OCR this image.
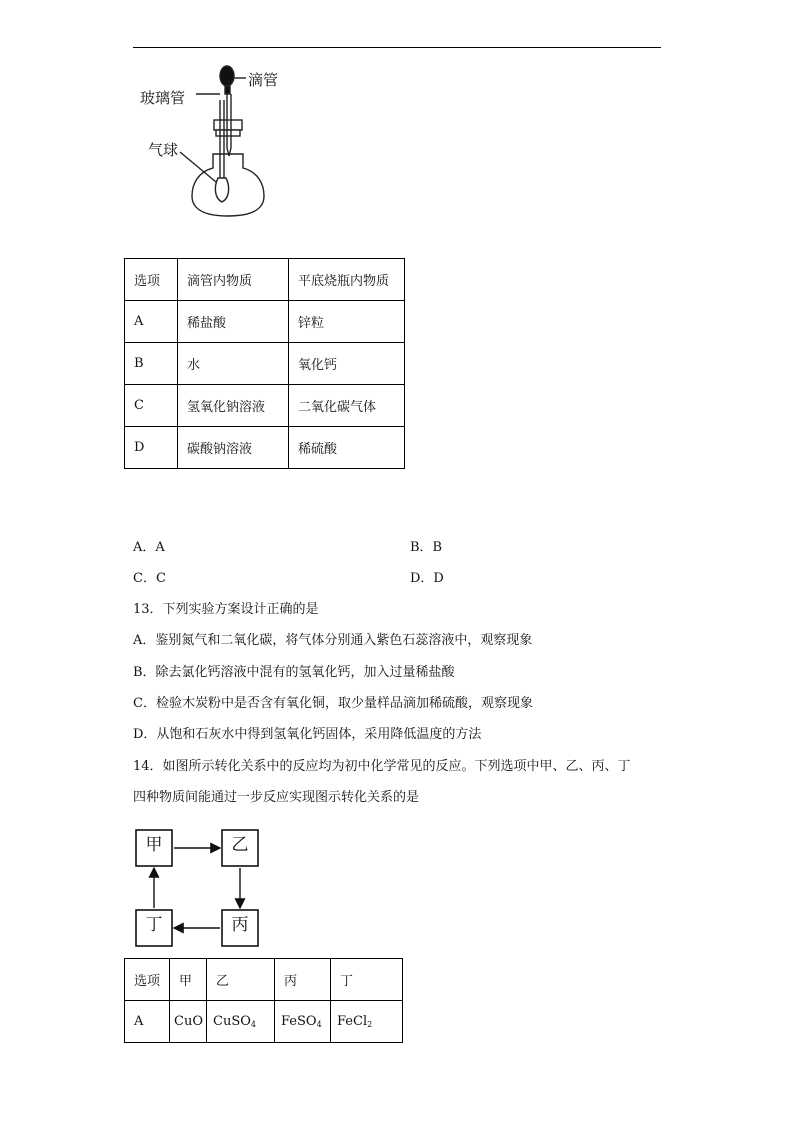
滴管
玻璃管
气球
选项	滴管内物质	平底烧瓶内物质
A	稀盐酸	锌粒
B	水	氧化钙
C	氢氧化钠溶液	二氧化碳气体
D	碳酸钠溶液	稀硫酸
A．A	B．B
C．C	D．D
13．下列实验方案设计正确的是
A．鉴别氮气和二氧化碳，将气体分别通入紫色石蕊溶液中，观察现象
B．除去氯化钙溶液中混有的氢氧化钙，加入过量稀盐酸
C．检验木炭粉中是否含有氧化铜，取少量样品滴加稀硫酸，观察现象
D．从饱和石灰水中得到氢氧化钙固体，采用降低温度的方法
14．如图所示转化关系中的反应均为初中化学常见的反应。下列选项中甲、乙、丙、丁
四种物质间能通过一步反应实现图示转化关系的是
甲	乙
丙
丁
选项	甲	乙	丙	丁
A	CuO	CuSO$_4$	FeSO$_4$	FeCl$_2$
